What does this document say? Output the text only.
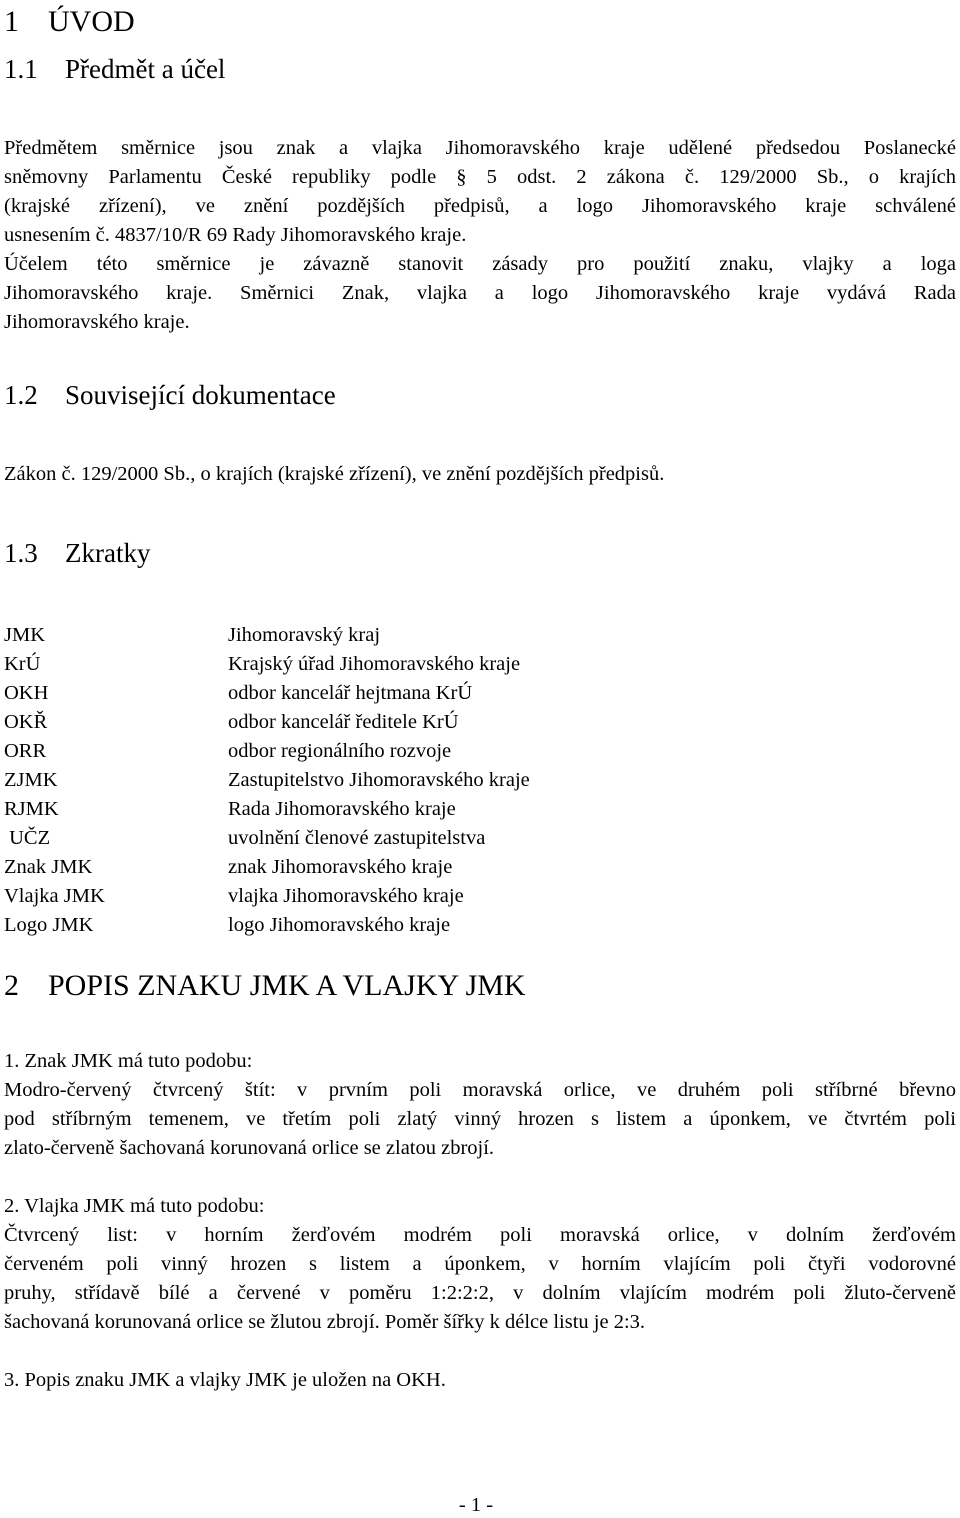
1 ÚVOD
1.1 Předmět a účel
Předmětem směrnice jsou znak a vlajka Jihomoravského kraje udělené předsedou Poslanecké
sněmovny Parlamentu České republiky podle § 5 odst. 2 zákona č. 129/2000 Sb., o krajích
(krajské zřízení), ve znění pozdějších předpisů, a logo Jihomoravského kraje schválené
usnesením č. 4837/10/R 69 Rady Jihomoravského kraje.
Účelem této směrnice je závazně stanovit zásady pro použití znaku, vlajky a loga
Jihomoravského kraje. Směrnici Znak, vlajka a logo Jihomoravského kraje vydává Rada
Jihomoravského kraje.
1.2 Související dokumentace
Zákon č. 129/2000 Sb., o krajích (krajské zřízení), ve znění pozdějších předpisů.
1.3 Zkratky
JMK	Jihomoravský kraj
KrÚ	Krajský úřad Jihomoravského kraje
OKH	odbor kancelář hejtmana KrÚ
OKŘ	odbor kancelář ředitele KrÚ
ORR	odbor regionálního rozvoje
ZJMK	Zastupitelstvo Jihomoravského kraje
RJMK	Rada Jihomoravského kraje
UČZ	uvolnění členové zastupitelstva
Znak JMK	znak Jihomoravského kraje
Vlajka JMK	vlajka Jihomoravského kraje
Logo JMK	logo Jihomoravského kraje
2 POPIS ZNAKU JMK A VLAJKY JMK
1. Znak JMK má tuto podobu:
Modro-červený čtvrcený štít: v prvním poli moravská orlice, ve druhém poli stříbrné břevno
pod stříbrným temenem, ve třetím poli zlatý vinný hrozen s listem a úponkem, ve čtvrtém poli
zlato-červeně šachovaná korunovaná orlice se zlatou zbrojí.
2. Vlajka JMK má tuto podobu:
Čtvrcený list: v horním žerďovém modrém poli moravská orlice, v dolním žerďovém
červeném poli vinný hrozen s listem a úponkem, v horním vlajícím poli čtyři vodorovné
pruhy, střídavě bílé a červené v poměru 1:2:2:2, v dolním vlajícím modrém poli žluto-červeně
šachovaná korunovaná orlice se žlutou zbrojí. Poměr šířky k délce listu je 2:3.
3. Popis znaku JMK a vlajky JMK je uložen na OKH.
- 1 -
